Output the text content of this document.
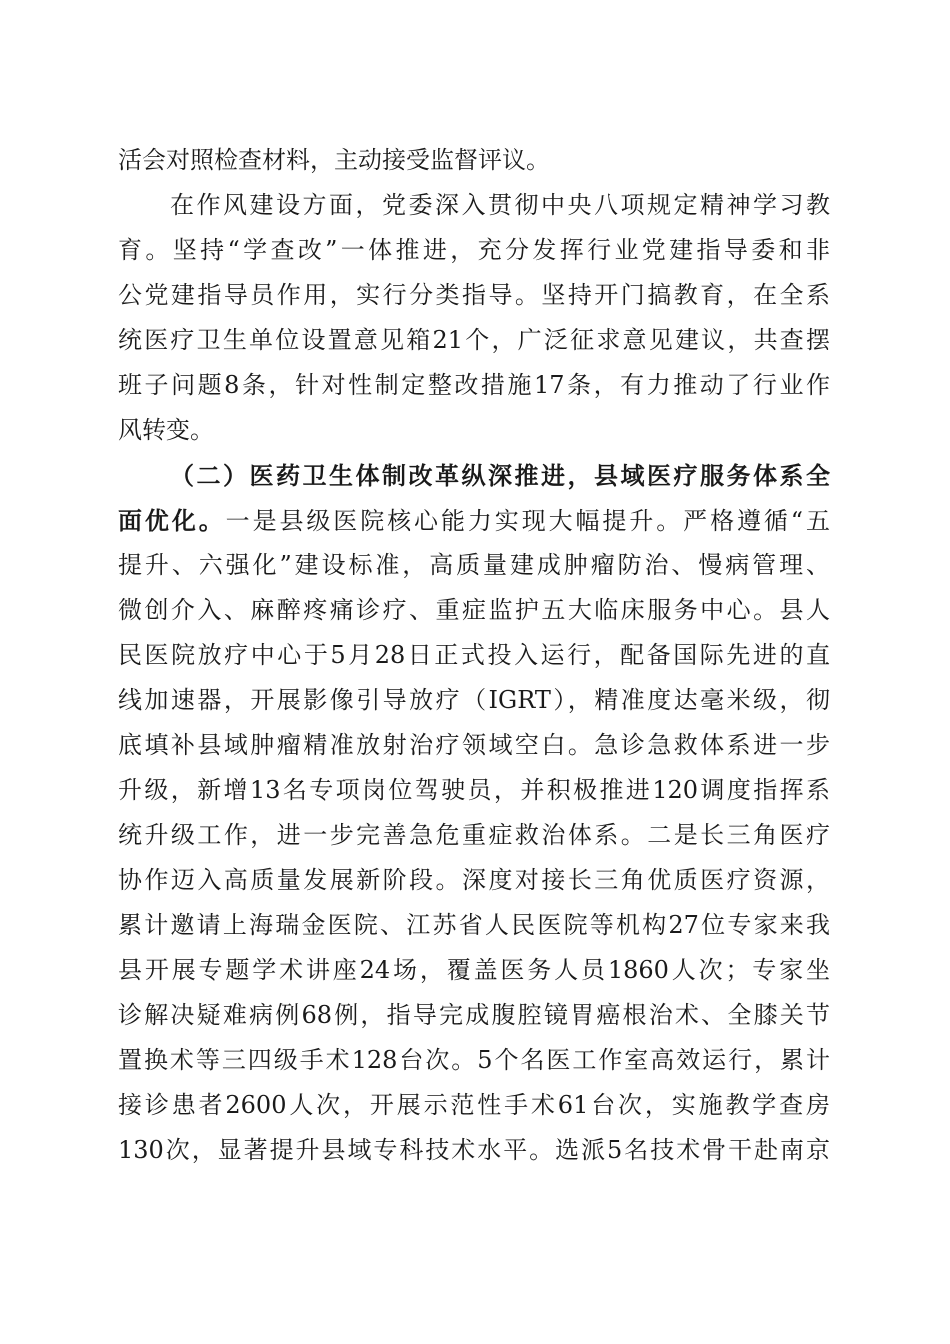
活会对照检查材料，主动接受监督评议。
在作风建设方面，党委深入贯彻中央八项规定精神学习教
育。坚持“学查改”一体推进，充分发挥行业党建指导委和非
公党建指导员作用，实行分类指导。坚持开门搞教育，在全系
统医疗卫生单位设置意见箱21个，广泛征求意见建议，共查摆
班子问题8条，针对性制定整改措施17条，有力推动了行业作
风转变。
（二）医药卫生体制改革纵深推进，县域医疗服务体系全
面优化。一是县级医院核心能力实现大幅提升。严格遵循“五
提升、六强化”建设标准，高质量建成肿瘤防治、慢病管理、
微创介入、麻醉疼痛诊疗、重症监护五大临床服务中心。县人
民医院放疗中心于5月28日正式投入运行，配备国际先进的直
线加速器，开展影像引导放疗（IGRT），精准度达毫米级，彻
底填补县域肿瘤精准放射治疗领域空白。急诊急救体系进一步
升级，新增13名专项岗位驾驶员，并积极推进120调度指挥系
统升级工作，进一步完善急危重症救治体系。二是长三角医疗
协作迈入高质量发展新阶段。深度对接长三角优质医疗资源，
累计邀请上海瑞金医院、江苏省人民医院等机构27位专家来我
县开展专题学术讲座24场，覆盖医务人员1860人次；专家坐
诊解决疑难病例68例，指导完成腹腔镜胃癌根治术、全膝关节
置换术等三四级手术128台次。5个名医工作室高效运行，累计
接诊患者2600人次，开展示范性手术61台次，实施教学查房
130次，显著提升县域专科技术水平。选派5名技术骨干赴南京
